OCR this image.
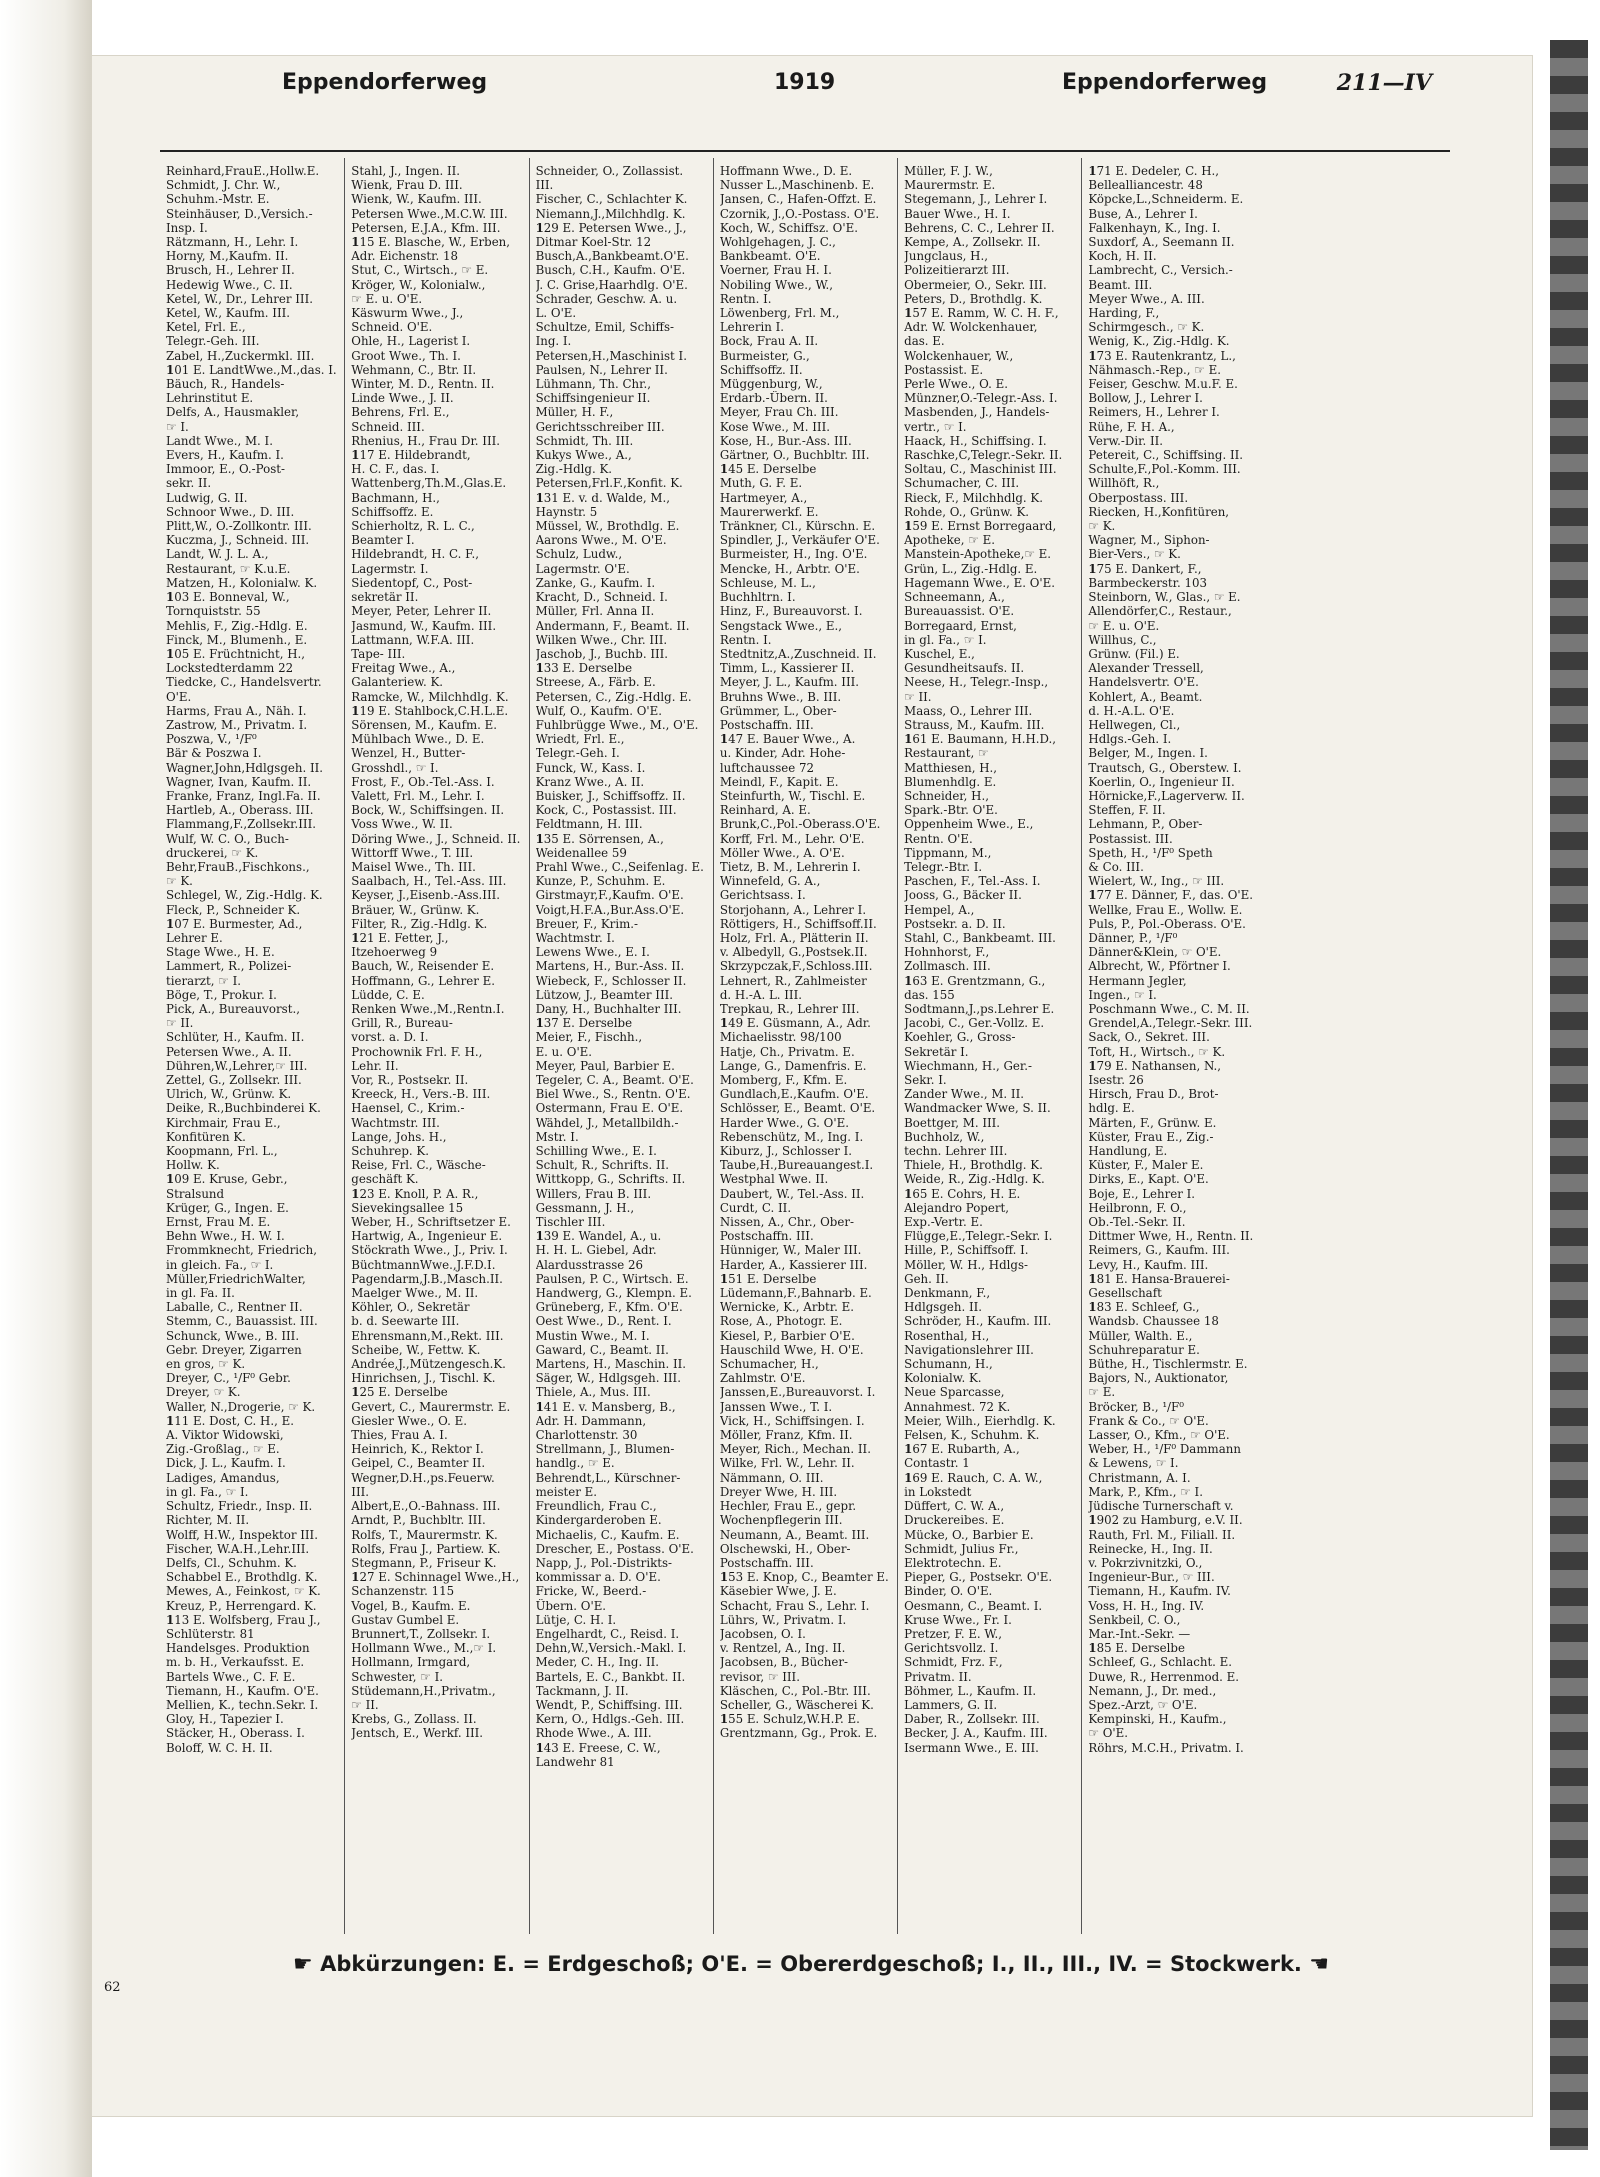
Eppendorferweg	1919	Eppendorferweg	211—IV
Reinhard,FrauE.,Hollw.E.
Schmidt, J. Chr. W.,
Schuhm.-Mstr. E.
Steinhäuser, D.,Versich.-
Insp. I.
Rätzmann, H., Lehr. I.
Horny, M.,Kaufm. II.
Brusch, H., Lehrer II.
Hedewig Wwe., C. II.
Ketel, W., Dr., Lehrer III.
Ketel, W., Kaufm. III.
Ketel, Frl. E.,
Telegr.-Geh. III.
Zabel, H.,Zuckermkl. III.
101 E. LandtWwe.,M.,das. I.
Bäuch, R., Handels-
Lehrinstitut E.
Delfs, A., Hausmakler,
☞ I.
Landt Wwe., M. I.
Evers, H., Kaufm. I.
Immoor, E., O.-Post-
sekr. II.
Ludwig, G. II.
Schnoor Wwe., D. III.
Plitt,W., O.-Zollkontr. III.
Kuczma, J., Schneid. III.
Landt, W. J. L. A.,
Restaurant, ☞ K.u.E.
Matzen, H., Kolonialw. K.
103 E. Bonneval, W.,
Tornquiststr. 55
Mehlis, F., Zig.-Hdlg. E.
Finck, M., Blumenh., E.
105 E. Früchtnicht, H.,
Lockstedterdamm 22
Tiedcke, C., Handelsvertr.
O'E.
Harms, Frau A., Näh. I.
Zastrow, M., Privatm. I.
Poszwa, V., ¹/F⁰
Bär & Poszwa I.
Wagner,John,Hdlgsgeh. II.
Wagner, Ivan, Kaufm. II.
Franke, Franz, Ingl.Fa. II.
Hartleb, A., Oberass. III.
Flammang,F.,Zollsekr.III.
Wulf, W. C. O., Buch-
druckerei, ☞ K.
Behr,FrauB.,Fischkons.,
☞ K.
Schlegel, W., Zig.-Hdlg. K.
Fleck, P., Schneider K.
107 E. Burmester, Ad.,
Lehrer E.
Stage Wwe., H. E.
Lammert, R., Polizei-
tierarzt, ☞ I.
Böge, T., Prokur. I.
Pick, A., Bureauvorst.,
☞ II.
Schlüter, H., Kaufm. II.
Petersen Wwe., A. II.
Dühren,W.,Lehrer,☞ III.
Zettel, G., Zollsekr. III.
Ulrich, W., Grünw. K.
Deike, R.,Buchbinderei K.
Kirchmair, Frau E.,
Konfitüren K.
Koopmann, Frl. L.,
Hollw. K.
109 E. Kruse, Gebr.,
Stralsund
Krüger, G., Ingen. E.
Ernst, Frau M. E.
Behn Wwe., H. W. I.
Frommknecht, Friedrich,
in gleich. Fa., ☞ I.
Müller,FriedrichWalter,
in gl. Fa. II.
Laballe, C., Rentner II.
Stemm, C., Bauassist. III.
Schunck, Wwe., B. III.
Gebr. Dreyer, Zigarren
en gros, ☞ K.
Dreyer, C., ¹/F⁰ Gebr.
Dreyer, ☞ K.
Waller, N.,Drogerie, ☞ K.
111 E. Dost, C. H., E.
A. Viktor Widowski,
Zig.-Großlag., ☞ E.
Dick, J. L., Kaufm. I.
Ladiges, Amandus,
in gl. Fa., ☞ I.
Schultz, Friedr., Insp. II.
Richter, M. II.
Wolff, H.W., Inspektor III.
Fischer, W.A.H.,Lehr.III.
Delfs, Cl., Schuhm. K.
Schabbel E., Brothdlg. K.
Mewes, A., Feinkost, ☞ K.
Kreuz, P., Herrengard. K.
113 E. Wolfsberg, Frau J.,
Schlüterstr. 81
Handelsges. Produktion
m. b. H., Verkaufsst. E.
Bartels Wwe., C. F. E.
Tiemann, H., Kaufm. O'E.
Mellien, K., techn.Sekr. I.
Gloy, H., Tapezier I.
Stäcker, H., Oberass. I.
Boloff, W. C. H. II.
Stahl, J., Ingen. II.
Wienk, Frau D. III.
Wienk, W., Kaufm. III.
Petersen Wwe.,M.C.W. III.
Petersen, E.J.A., Kfm. III.
115 E. Blasche, W., Erben,
Adr. Eichenstr. 18
Stut, C., Wirtsch., ☞ E.
Kröger, W., Kolonialw.,
☞ E. u. O'E.
Käswurm Wwe., J.,
Schneid. O'E.
Ohle, H., Lagerist I.
Groot Wwe., Th. I.
Wehmann, C., Btr. II.
Winter, M. D., Rentn. II.
Linde Wwe., J. II.
Behrens, Frl. E.,
Schneid. III.
Rhenius, H., Frau Dr. III.
117 E. Hildebrandt,
H. C. F., das. I.
Wattenberg,Th.M.,Glas.E.
Bachmann, H.,
Schiffsoffz. E.
Schierholtz, R. L. C.,
Beamter I.
Hildebrandt, H. C. F.,
Lagermstr. I.
Siedentopf, C., Post-
sekretär II.
Meyer, Peter, Lehrer II.
Jasmund, W., Kaufm. III.
Lattmann, W.F.A. III.
Tape- III.
Freitag Wwe., A.,
Galanteriew. K.
Ramcke, W., Milchhdlg. K.
119 E. Stahlbock,C.H.L.E.
Sörensen, M., Kaufm. E.
Mühlbach Wwe., D. E.
Wenzel, H., Butter-
Grosshdl., ☞ I.
Frost, F., Ob.-Tel.-Ass. I.
Valett, Frl. M., Lehr. I.
Bock, W., Schiffsingen. II.
Voss Wwe., W. II.
Döring Wwe., J., Schneid. II.
Wittorff Wwe., T. III.
Maisel Wwe., Th. III.
Saalbach, H., Tel.-Ass. III.
Keyser, J.,Eisenb.-Ass.III.
Bräuer, W., Grünw. K.
Filter, R., Zig.-Hdlg. K.
121 E. Fetter, J.,
Itzehoerweg 9
Bauch, W., Reisender E.
Hoffmann, G., Lehrer E.
Lüdde, C. E.
Renken Wwe.,M.,Rentn.I.
Grill, R., Bureau-
vorst. a. D. I.
Prochownik Frl. F. H.,
Lehr. II.
Vor, R., Postsekr. II.
Kreeck, H., Vers.-B. III.
Haensel, C., Krim.-
Wachtmstr. III.
Lange, Johs. H.,
Schuhrep. K.
Reise, Frl. C., Wäsche-
geschäft K.
123 E. Knoll, P. A. R.,
Sievekingsallee 15
Weber, H., Schriftsetzer E.
Hartwig, A., Ingenieur E.
Stöckrath Wwe., J., Priv. I.
BüchtmannWwe.,J.F.D.I.
Pagendarm,J.B.,Masch.II.
Maelger Wwe., M. II.
Köhler, O., Sekretär
b. d. Seewarte III.
Ehrensmann,M.,Rekt. III.
Scheibe, W., Fettw. K.
Andrée,J.,Mützengesch.K.
Hinrichsen, J., Tischl. K.
125 E. Derselbe
Gevert, C., Maurermstr. E.
Giesler Wwe., O. E.
Thies, Frau A. I.
Heinrich, K., Rektor I.
Geipel, C., Beamter II.
Wegner,D.H.,ps.Feuerw.
III.
Albert,E.,O.-Bahnass. III.
Arndt, P., Buchbltr. III.
Rolfs, T., Maurermstr. K.
Rolfs, Frau J., Partiew. K.
Stegmann, P., Friseur K.
127 E. Schinnagel Wwe.,H.,
Schanzenstr. 115
Vogel, B., Kaufm. E.
Gustav Gumbel E.
Brunnert,T., Zollsekr. I.
Hollmann Wwe., M.,☞ I.
Hollmann, Irmgard,
Schwester, ☞ I.
Stüdemann,H.,Privatm.,
☞ II.
Krebs, G., Zollass. II.
Jentsch, E., Werkf. III.
Schneider, O., Zollassist.
III.
Fischer, C., Schlachter K.
Niemann,J.,Milchhdlg. K.
129 E. Petersen Wwe., J.,
Ditmar Koel-Str. 12
Busch,A.,Bankbeamt.O'E.
Busch, C.H., Kaufm. O'E.
J. C. Grise,Haarhdlg. O'E.
Schrader, Geschw. A. u.
L. O'E.
Schultze, Emil, Schiffs-
Ing. I.
Petersen,H.,Maschinist I.
Paulsen, N., Lehrer II.
Lühmann, Th. Chr.,
Schiffsingenieur II.
Müller, H. F.,
Gerichtsschreiber III.
Schmidt, Th. III.
Kukys Wwe., A.,
Zig.-Hdlg. K.
Petersen,Frl.F.,Konfit. K.
131 E. v. d. Walde, M.,
Haynstr. 5
Müssel, W., Brothdlg. E.
Aarons Wwe., M. O'E.
Schulz, Ludw.,
Lagermstr. O'E.
Zanke, G., Kaufm. I.
Kracht, D., Schneid. I.
Müller, Frl. Anna II.
Andermann, F., Beamt. II.
Wilken Wwe., Chr. III.
Jaschob, J., Buchb. III.
133 E. Derselbe
Streese, A., Färb. E.
Petersen, C., Zig.-Hdlg. E.
Wulf, O., Kaufm. O'E.
Fuhlbrügge Wwe., M., O'E.
Wriedt, Frl. E.,
Telegr.-Geh. I.
Funck, W., Kass. I.
Kranz Wwe., A. II.
Buisker, J., Schiffsoffz. II.
Kock, C., Postassist. III.
Feldtmann, H. III.
135 E. Sörrensen, A.,
Weidenallee 59
Prahl Wwe., C.,Seifenlag. E.
Kunze, P., Schuhm. E.
Girstmayr,F.,Kaufm. O'E.
Voigt,H.F.A.,Bur.Ass.O'E.
Breuer, F., Krim.-
Wachtmstr. I.
Lewens Wwe., E. I.
Martens, H., Bur.-Ass. II.
Wiebeck, F., Schlosser II.
Lützow, J., Beamter III.
Dany, H., Buchhalter III.
137 E. Derselbe
Meier, F., Fischh.,
E. u. O'E.
Meyer, Paul, Barbier E.
Tegeler, C. A., Beamt. O'E.
Biel Wwe., S., Rentn. O'E.
Ostermann, Frau E. O'E.
Wähdel, J., Metallbildh.-
Mstr. I.
Schilling Wwe., E. I.
Schult, R., Schrifts. II.
Wittkopp, G., Schrifts. II.
Willers, Frau B. III.
Gessmann, J. H.,
Tischler III.
139 E. Wandel, A., u.
H. H. L. Giebel, Adr.
Alardusstrasse 26
Paulsen, P. C., Wirtsch. E.
Handwerg, G., Klempn. E.
Grüneberg, F., Kfm. O'E.
Oest Wwe., D., Rent. I.
Mustin Wwe., M. I.
Gaward, C., Beamt. II.
Martens, H., Maschin. II.
Säger, W., Hdlgsgeh. III.
Thiele, A., Mus. III.
141 E. v. Mansberg, B.,
Adr. H. Dammann,
Charlottenstr. 30
Strellmann, J., Blumen-
handlg., ☞ E.
Behrendt,L., Kürschner-
meister E.
Freundlich, Frau C.,
Kindergarderoben E.
Michaelis, C., Kaufm. E.
Drescher, E., Postass. O'E.
Napp, J., Pol.-Distrikts-
kommissar a. D. O'E.
Fricke, W., Beerd.-
Übern. O'E.
Lütje, C. H. I.
Engelhardt, C., Reisd. I.
Dehn,W.,Versich.-Makl. I.
Meder, C. H., Ing. II.
Bartels, E. C., Bankbt. II.
Tackmann, J. II.
Wendt, P., Schiffsing. III.
Kern, O., Hdlgs.-Geh. III.
Rhode Wwe., A. III.
143 E. Freese, C. W.,
Landwehr 81
Hoffmann Wwe., D. E.
Nusser L.,Maschinenb. E.
Jansen, C., Hafen-Offzt. E.
Czornik, J.,O.-Postass. O'E.
Koch, W., Schiffsz. O'E.
Wohlgehagen, J. C.,
Bankbeamt. O'E.
Voerner, Frau H. I.
Nobiling Wwe., W.,
Rentn. I.
Löwenberg, Frl. M.,
Lehrerin I.
Bock, Frau A. II.
Burmeister, G.,
Schiffsoffz. II.
Müggenburg, W.,
Erdarb.-Übern. II.
Meyer, Frau Ch. III.
Kose Wwe., M. III.
Kose, H., Bur.-Ass. III.
Gärtner, O., Buchbltr. III.
145 E. Derselbe
Muth, G. F. E.
Hartmeyer, A.,
Maurerwerkf. E.
Tränkner, Cl., Kürschn. E.
Spindler, J., Verkäufer O'E.
Burmeister, H., Ing. O'E.
Mencke, H., Arbtr. O'E.
Schleuse, M. L.,
Buchhltrn. I.
Hinz, F., Bureauvorst. I.
Sengstack Wwe., E.,
Rentn. I.
Stedtnitz,A.,Zuschneid. II.
Timm, L., Kassierer II.
Meyer, J. L., Kaufm. III.
Bruhns Wwe., B. III.
Grümmer, L., Ober-
Postschaffn. III.
147 E. Bauer Wwe., A.
u. Kinder, Adr. Hohe-
luftchaussee 72
Meindl, F., Kapit. E.
Steinfurth, W., Tischl. E.
Reinhard, A. E.
Brunk,C.,Pol.-Oberass.O'E.
Korff, Frl. M., Lehr. O'E.
Möller Wwe., A. O'E.
Tietz, B. M., Lehrerin I.
Winnefeld, G. A.,
Gerichtsass. I.
Storjohann, A., Lehrer I.
Röttigers, H., Schiffsoff.II.
Holz, Frl. A., Plätterin II.
v. Albedyll, G.,Postsek.II.
Skrzypczak,F.,Schloss.III.
Lehnert, R., Zahlmeister
d. H.-A. L. III.
Trepkau, R., Lehrer III.
149 E. Güsmann, A., Adr.
Michaelisstr. 98/100
Hatje, Ch., Privatm. E.
Lange, G., Damenfris. E.
Momberg, F., Kfm. E.
Gundlach,E.,Kaufm. O'E.
Schlösser, E., Beamt. O'E.
Harder Wwe., G. O'E.
Rebenschütz, M., Ing. I.
Kiburz, J., Schlosser I.
Taube,H.,Bureauangest.I.
Westphal Wwe. II.
Daubert, W., Tel.-Ass. II.
Curdt, C. II.
Nissen, A., Chr., Ober-
Postschaffn. III.
Hünniger, W., Maler III.
Harder, A., Kassierer III.
151 E. Derselbe
Lüdemann,F.,Bahnarb. E.
Wernicke, K., Arbtr. E.
Rose, A., Photogr. E.
Kiesel, P., Barbier O'E.
Hauschild Wwe, H. O'E.
Schumacher, H.,
Zahlmstr. O'E.
Janssen,E.,Bureauvorst. I.
Janssen Wwe., T. I.
Vick, H., Schiffsingen. I.
Möller, Franz, Kfm. II.
Meyer, Rich., Mechan. II.
Wilke, Frl. W., Lehr. II.
Nämmann, O. III.
Dreyer Wwe, H. III.
Hechler, Frau E., gepr.
Wochenpflegerin III.
Neumann, A., Beamt. III.
Olschewski, H., Ober-
Postschaffn. III.
153 E. Knop, C., Beamter E.
Käsebier Wwe, J. E.
Schacht, Frau S., Lehr. I.
Lührs, W., Privatm. I.
Jacobsen, O. I.
v. Rentzel, A., Ing. II.
Jacobsen, B., Bücher-
revisor, ☞ III.
Kläschen, C., Pol.-Btr. III.
Scheller, G., Wäscherei K.
155 E. Schulz,W.H.P. E.
Grentzmann, Gg., Prok. E.
Müller, F. J. W.,
Maurermstr. E.
Stegemann, J., Lehrer I.
Bauer Wwe., H. I.
Behrens, C. C., Lehrer II.
Kempe, A., Zollsekr. II.
Jungclaus, H.,
Polizeitierarzt III.
Obermeier, O., Sekr. III.
Peters, D., Brothdlg. K.
157 E. Ramm, W. C. H. F.,
Adr. W. Wolckenhauer,
das. E.
Wolckenhauer, W.,
Postassist. E.
Perle Wwe., O. E.
Münzner,O.-Telegr.-Ass. I.
Masbenden, J., Handels-
vertr., ☞ I.
Haack, H., Schiffsing. I.
Raschke,C,Telegr.-Sekr. II.
Soltau, C., Maschinist III.
Schumacher, C. III.
Rieck, F., Milchhdlg. K.
Rohde, O., Grünw. K.
159 E. Ernst Borregaard,
Apotheke, ☞ E.
Manstein-Apotheke,☞ E.
Grün, L., Zig.-Hdlg. E.
Hagemann Wwe., E. O'E.
Schneemann, A.,
Bureauassist. O'E.
Borregaard, Ernst,
in gl. Fa., ☞ I.
Kuschel, E.,
Gesundheitsaufs. II.
Neese, H., Telegr.-Insp.,
☞ II.
Maass, O., Lehrer III.
Strauss, M., Kaufm. III.
161 E. Baumann, H.H.D.,
Restaurant, ☞
Matthiesen, H.,
Blumenhdlg. E.
Schneider, H.,
Spark.-Btr. O'E.
Oppenheim Wwe., E.,
Rentn. O'E.
Tippmann, M.,
Telegr.-Btr. I.
Paschen, F., Tel.-Ass. I.
Jooss, G., Bäcker II.
Hempel, A.,
Postsekr. a. D. II.
Stahl, C., Bankbeamt. III.
Hohnhorst, F.,
Zollmasch. III.
163 E. Grentzmann, G.,
das. 155
Sodtmann,J.,ps.Lehrer E.
Jacobi, C., Ger.-Vollz. E.
Koehler, G., Gross-
Sekretär I.
Wiechmann, H., Ger.-
Sekr. I.
Zander Wwe., M. II.
Wandmacker Wwe, S. II.
Boettger, M. III.
Buchholz, W.,
techn. Lehrer III.
Thiele, H., Brothdlg. K.
Weide, R., Zig.-Hdlg. K.
165 E. Cohrs, H. E.
Alejandro Popert,
Exp.-Vertr. E.
Flügge,E.,Telegr.-Sekr. I.
Hille, P., Schiffsoff. I.
Möller, W. H., Hdlgs-
Geh. II.
Denkmann, F.,
Hdlgsgeh. II.
Schröder, H., Kaufm. III.
Rosenthal, H.,
Navigationslehrer III.
Schumann, H.,
Kolonialw. K.
Neue Sparcasse,
Annahmest. 72 K.
Meier, Wilh., Eierhdlg. K.
Felsen, K., Schuhm. K.
167 E. Rubarth, A.,
Contastr. 1
169 E. Rauch, C. A. W.,
in Lokstedt
Düffert, C. W. A.,
Druckereibes. E.
Mücke, O., Barbier E.
Schmidt, Julius Fr.,
Elektrotechn. E.
Pieper, G., Postsekr. O'E.
Binder, O. O'E.
Oesmann, C., Beamt. I.
Kruse Wwe., Fr. I.
Pretzer, F. E. W.,
Gerichtsvollz. I.
Schmidt, Frz. F.,
Privatm. II.
Böhmer, L., Kaufm. II.
Lammers, G. II.
Daber, R., Zollsekr. III.
Becker, J. A., Kaufm. III.
Isermann Wwe., E. III.
171 E. Dedeler, C. H.,
Bellealliancestr. 48
Köpcke,L.,Schneiderm. E.
Buse, A., Lehrer I.
Falkenhayn, K., Ing. I.
Suxdorf, A., Seemann II.
Koch, H. II.
Lambrecht, C., Versich.-
Beamt. III.
Meyer Wwe., A. III.
Harding, F.,
Schirmgesch., ☞ K.
Wenig, K., Zig.-Hdlg. K.
173 E. Rautenkrantz, L.,
Nähmasch.-Rep., ☞ E.
Feiser, Geschw. M.u.F. E.
Bollow, J., Lehrer I.
Reimers, H., Lehrer I.
Rühe, F. H. A.,
Verw.-Dir. II.
Petereit, C., Schiffsing. II.
Schulte,F.,Pol.-Komm. III.
Willhöft, R.,
Oberpostass. III.
Riecken, H.,Konfitüren,
☞ K.
Wagner, M., Siphon-
Bier-Vers., ☞ K.
175 E. Dankert, F.,
Barmbeckerstr. 103
Steinborn, W., Glas., ☞ E.
Allendörfer,C., Restaur.,
☞ E. u. O'E.
Willhus, C.,
Grünw. (Fil.) E.
Alexander Tressell,
Handelsvertr. O'E.
Kohlert, A., Beamt.
d. H.-A.L. O'E.
Hellwegen, Cl.,
Hdlgs.-Geh. I.
Belger, M., Ingen. I.
Trautsch, G., Oberstew. I.
Koerlin, O., Ingenieur II.
Hörnicke,F.,Lagerverw. II.
Steffen, F. II.
Lehmann, P., Ober-
Postassist. III.
Speth, H., ¹/F⁰ Speth
& Co. III.
Wielert, W., Ing., ☞ III.
177 E. Dänner, F., das. O'E.
Wellke, Frau E., Wollw. E.
Puls, P., Pol.-Oberass. O'E.
Dänner, P., ¹/F⁰
Dänner&Klein, ☞ O'E.
Albrecht, W., Pförtner I.
Hermann Jegler,
Ingen., ☞ I.
Poschmann Wwe., C. M. II.
Grendel,A.,Telegr.-Sekr. III.
Sack, O., Sekret. III.
Toft, H., Wirtsch., ☞ K.
179 E. Nathansen, N.,
Isestr. 26
Hirsch, Frau D., Brot-
hdlg. E.
Märten, F., Grünw. E.
Küster, Frau E., Zig.-
Handlung, E.
Küster, F., Maler E.
Dirks, E., Kapt. O'E.
Boje, E., Lehrer I.
Heilbronn, F. O.,
Ob.-Tel.-Sekr. II.
Dittmer Wwe, H., Rentn. II.
Reimers, G., Kaufm. III.
Levy, H., Kaufm. III.
181 E. Hansa-Brauerei-
Gesellschaft
183 E. Schleef, G.,
Wandsb. Chaussee 18
Müller, Walth. E.,
Schuhreparatur E.
Büthe, H., Tischlermstr. E.
Bajors, N., Auktionator,
☞ E.
Bröcker, B., ¹/F⁰
Frank & Co., ☞ O'E.
Lasser, O., Kfm., ☞ O'E.
Weber, H., ¹/F⁰ Dammann
& Lewens, ☞ I.
Christmann, A. I.
Mark, P., Kfm., ☞ I.
Jüdische Turnerschaft v.
1902 zu Hamburg, e.V. II.
Rauth, Frl. M., Filiall. II.
Reinecke, H., Ing. II.
v. Pokrzivnitzki, O.,
Ingenieur-Bur., ☞ III.
Tiemann, H., Kaufm. IV.
Voss, H. H., Ing. IV.
Senkbeil, C. O.,
Mar.-Int.-Sekr. —
185 E. Derselbe
Schleef, G., Schlacht. E.
Duwe, R., Herrenmod. E.
Nemann, J., Dr. med.,
Spez.-Arzt, ☞ O'E.
Kempinski, H., Kaufm.,
☞ O'E.
Röhrs, M.C.H., Privatm. I.
☛ Abkürzungen: E. = Erdgeschoß; O'E. = Obererdgeschoß; I., II., III., IV. = Stockwerk. ☚
62
